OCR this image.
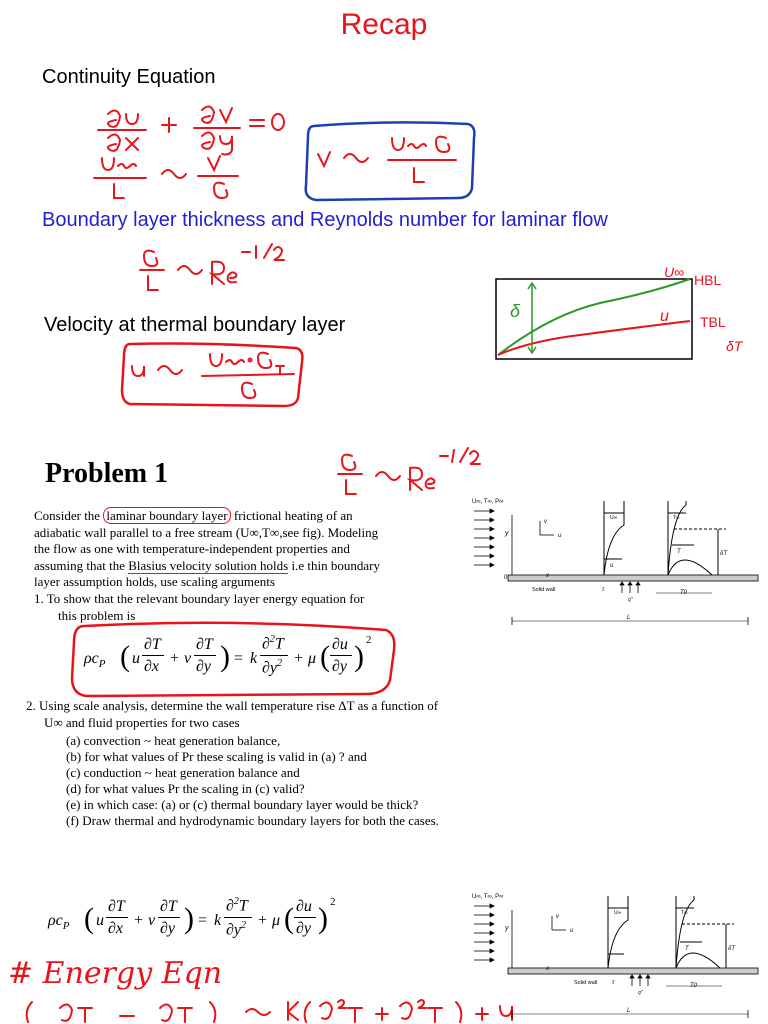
Recap
Continuity Equation
Boundary layer thickness and Reynolds number for laminar flow
δ
U∞ HBL
u TBL
δT
Velocity at thermal boundary layer
Problem 1
Consider the laminar boundary layer frictional heating of an
adiabatic wall parallel to a free stream (U∞,T∞,see fig). Modeling
the flow as one with temperature-independent properties and
assuming that the Blasius velocity solution holds i.e thin boundary
layer assumption holds, use scaling arguments
1. To show that the relevant boundary layer energy equation for
this problem is
$\rho c_P$ ( u
∂T
∂x + v
∂T
∂y ) = k
∂$^2$T
$\partial y^2 + \mu$ ( ∂u
∂y ) 2
2. Using scale analysis, determine the wall temperature rise ΔT as a function of
U∞ and fluid properties for two cases
(a) convection ~ heat generation balance,
(b) for what values of Pr these scaling is valid in (a) ? and
(c) conduction ~ heat generation balance and
(d) for what values Pr the scaling in (c) valid?
(e) in which case: (a) or (c) thermal boundary layer would be thick?
(f) Draw thermal and hydrodynamic boundary layers for both the cases.
U∞, T∞, P∞
y
0	x
v
u
U∞
u
T∞
T	δT
Solid wall	τ
q''
T0
L
$\rho c_P$ ( u
∂T
∂x + v
∂T
∂y ) = k
∂$^2$T
$\partial y^2 + \mu$ ( ∂u
∂y ) 2
# Energy Eqn
U∞, T∞, P∞
y
x
v
u
U∞	T∞
T	δT
Solid wall τ
q''
T0
L
